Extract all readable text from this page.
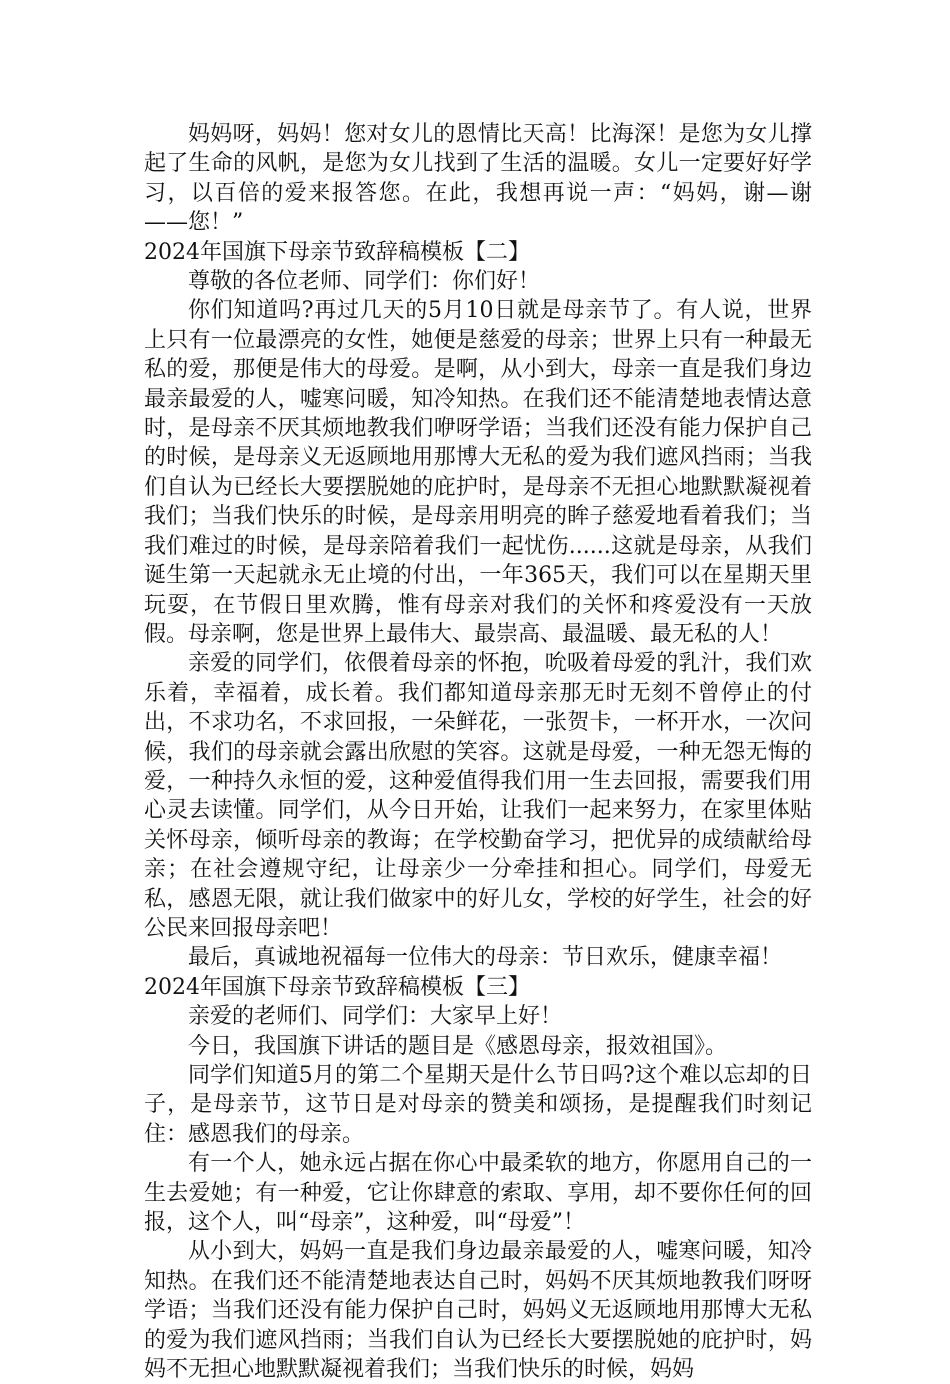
妈妈呀，妈妈！您对女儿的恩情比天高！比海深！是您为女儿撑起了生命的风帆，是您为女儿找到了生活的温暖。女儿一定要好好学习，以百倍的爱来报答您。在此，我想再说一声：“妈妈，谢—谢——您！”

2024年国旗下母亲节致辞稿模板【二】

尊敬的各位老师、同学们：你们好！

你们知道吗?再过几天的5月10日就是母亲节了。有人说，世界上只有一位最漂亮的女性，她便是慈爱的母亲；世界上只有一种最无私的爱，那便是伟大的母爱。是啊，从小到大，母亲一直是我们身边最亲最爱的人，嘘寒问暖，知冷知热。在我们还不能清楚地表情达意时，是母亲不厌其烦地教我们咿呀学语；当我们还没有能力保护自己的时候，是母亲义无返顾地用那博大无私的爱为我们遮风挡雨；当我们自认为已经长大要摆脱她的庇护时，是母亲不无担心地默默凝视着我们；当我们快乐的时候，是母亲用明亮的眸子慈爱地看着我们；当我们难过的时候，是母亲陪着我们一起忧伤......这就是母亲，从我们诞生第一天起就永无止境的付出，一年365天，我们可以在星期天里玩耍，在节假日里欢腾，惟有母亲对我们的关怀和疼爱没有一天放假。母亲啊，您是世界上最伟大、最崇高、最温暖、最无私的人！

亲爱的同学们，依偎着母亲的怀抱，吮吸着母爱的乳汁，我们欢乐着，幸福着，成长着。我们都知道母亲那无时无刻不曾停止的付出，不求功名，不求回报，一朵鲜花，一张贺卡，一杯开水，一次问候，我们的母亲就会露出欣慰的笑容。这就是母爱，一种无怨无悔的爱，一种持久永恒的爱，这种爱值得我们用一生去回报，需要我们用心灵去读懂。同学们，从今日开始，让我们一起来努力，在家里体贴关怀母亲，倾听母亲的教诲；在学校勤奋学习，把优异的成绩献给母亲；在社会遵规守纪，让母亲少一分牵挂和担心。同学们，母爱无私，感恩无限，就让我们做家中的好儿女，学校的好学生，社会的好公民来回报母亲吧！

最后，真诚地祝福每一位伟大的母亲：节日欢乐，健康幸福！

2024年国旗下母亲节致辞稿模板【三】

亲爱的老师们、同学们：大家早上好！

今日，我国旗下讲话的题目是《感恩母亲，报效祖国》。

同学们知道5月的第二个星期天是什么节日吗?这个难以忘却的日子，是母亲节，这节日是对母亲的赞美和颂扬，是提醒我们时刻记住：感恩我们的母亲。

有一个人，她永远占据在你心中最柔软的地方，你愿用自己的一生去爱她；有一种爱，它让你肆意的索取、享用，却不要你任何的回报，这个人，叫“母亲”，这种爱，叫“母爱”！

从小到大，妈妈一直是我们身边最亲最爱的人，嘘寒问暖，知冷知热。在我们还不能清楚地表达自己时，妈妈不厌其烦地教我们呀呀学语；当我们还没有能力保护自己时，妈妈义无返顾地用那博大无私的爱为我们遮风挡雨；当我们自认为已经长大要摆脱她的庇护时，妈妈不无担心地默默凝视着我们；当我们快乐的时候，妈妈
